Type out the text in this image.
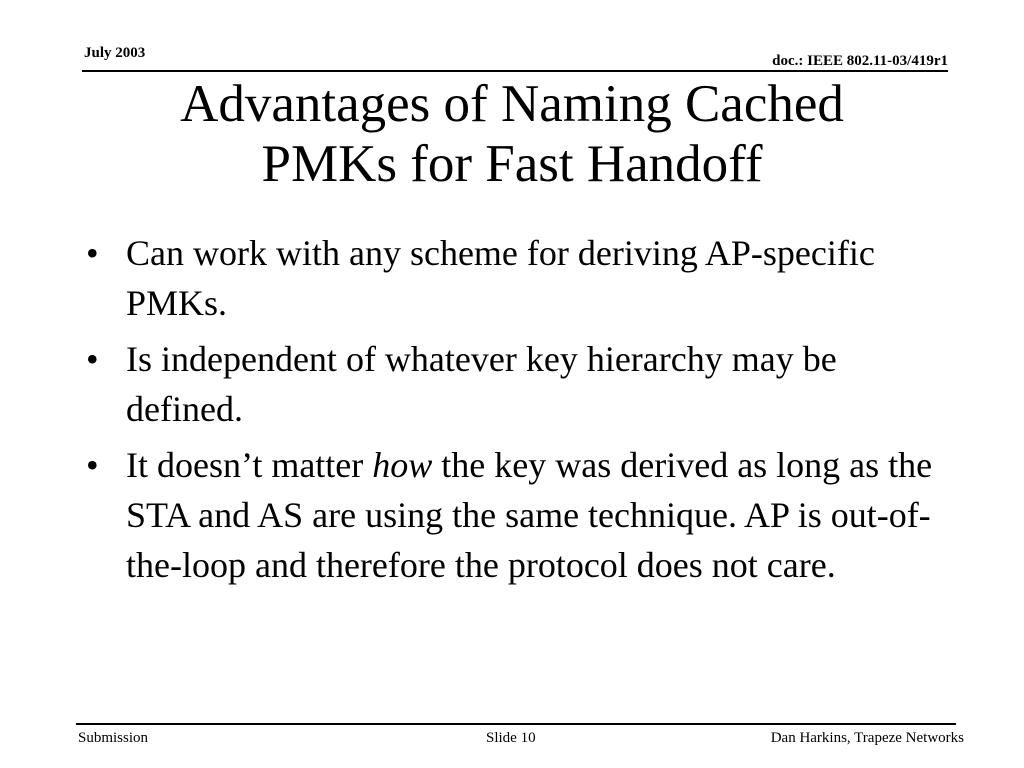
July 2003	doc.: IEEE 802.11-03/419r1
Advantages of Naming Cached
PMKs for Fast Handoff
• Can work with any scheme for deriving AP-specific PMKs.
• Is independent of whatever key hierarchy may be defined.
• It doesn’t matter how the key was derived as long as the STA and AS are using the same technique. AP is out-of-the-loop and therefore the protocol does not care.
Submission	Slide 10	Dan Harkins, Trapeze Networks
